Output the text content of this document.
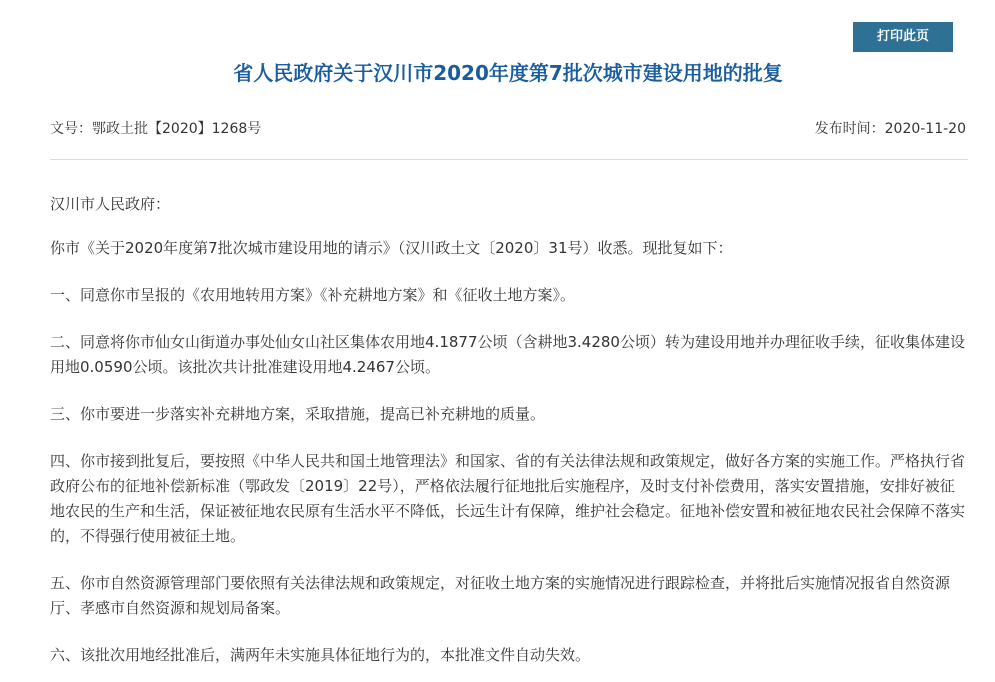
打印此页
省人民政府关于汉川市2020年度第7批次城市建设用地的批复
文号：鄂政土批【2020】1268号	发布时间：2020-11-20

汉川市人民政府：

你市《关于2020年度第7批次城市建设用地的请示》（汉川政土文〔2020〕31号）收悉。现批复如下：

一、同意你市呈报的《农用地转用方案》《补充耕地方案》和《征收土地方案》。

二、同意将你市仙女山街道办事处仙女山社区集体农用地4.1877公顷（含耕地3.4280公顷）转为建设用地并办理征收手续，征收集体建设用地0.0590公顷。该批次共计批准建设用地4.2467公顷。

三、你市要进一步落实补充耕地方案，采取措施，提高已补充耕地的质量。

四、你市接到批复后，要按照《中华人民共和国土地管理法》和国家、省的有关法律法规和政策规定，做好各方案的实施工作。严格执行省政府公布的征地补偿新标准（鄂政发〔2019〕22号），严格依法履行征地批后实施程序，及时支付补偿费用，落实安置措施，安排好被征地农民的生产和生活，保证被征地农民原有生活水平不降低，长远生计有保障，维护社会稳定。征地补偿安置和被征地农民社会保障不落实的，不得强行使用被征土地。

五、你市自然资源管理部门要依照有关法律法规和政策规定，对征收土地方案的实施情况进行跟踪检查，并将批后实施情况报省自然资源厅、孝感市自然资源和规划局备案。

六、该批次用地经批准后，满两年未实施具体征地行为的，本批准文件自动失效。
